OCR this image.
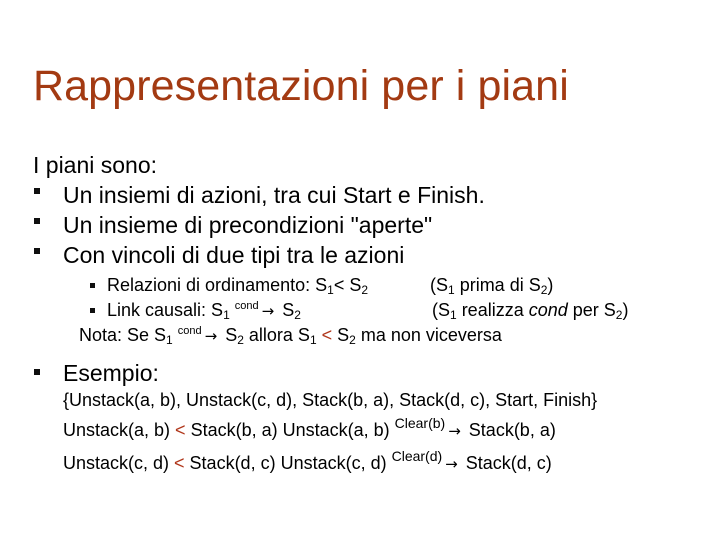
Rappresentazioni per i piani
I piani sono:
Un insiemi di azioni, tra cui Start e Finish.
Un insieme di precondizioni "aperte"
Con vincoli di due tipi tra le azioni
Relazioni di ordinamento: $S_1< S_2$	($S_1$ prima di $S_2$)
Link causali: $S_1$ $^{cond} \to S_2$	($S_1$ realizza cond per $S_2$)
Nota: Se $S_1$ $^{cond} \to S_2$ allora $S_1 < S_2$ ma non viceversa
Esempio:
{Unstack(a, b), Unstack(c, d), Stack(b, a), Stack(d, c), Start, Finish}
Unstack(a, b) < Stack(b, a) Unstack(a, b) $^{Clear(b)}$ → Stack(b, a)
Unstack(c, d) < Stack(d, c) Unstack(c, d) $^{Clear(d)}$ → Stack(d, c)
